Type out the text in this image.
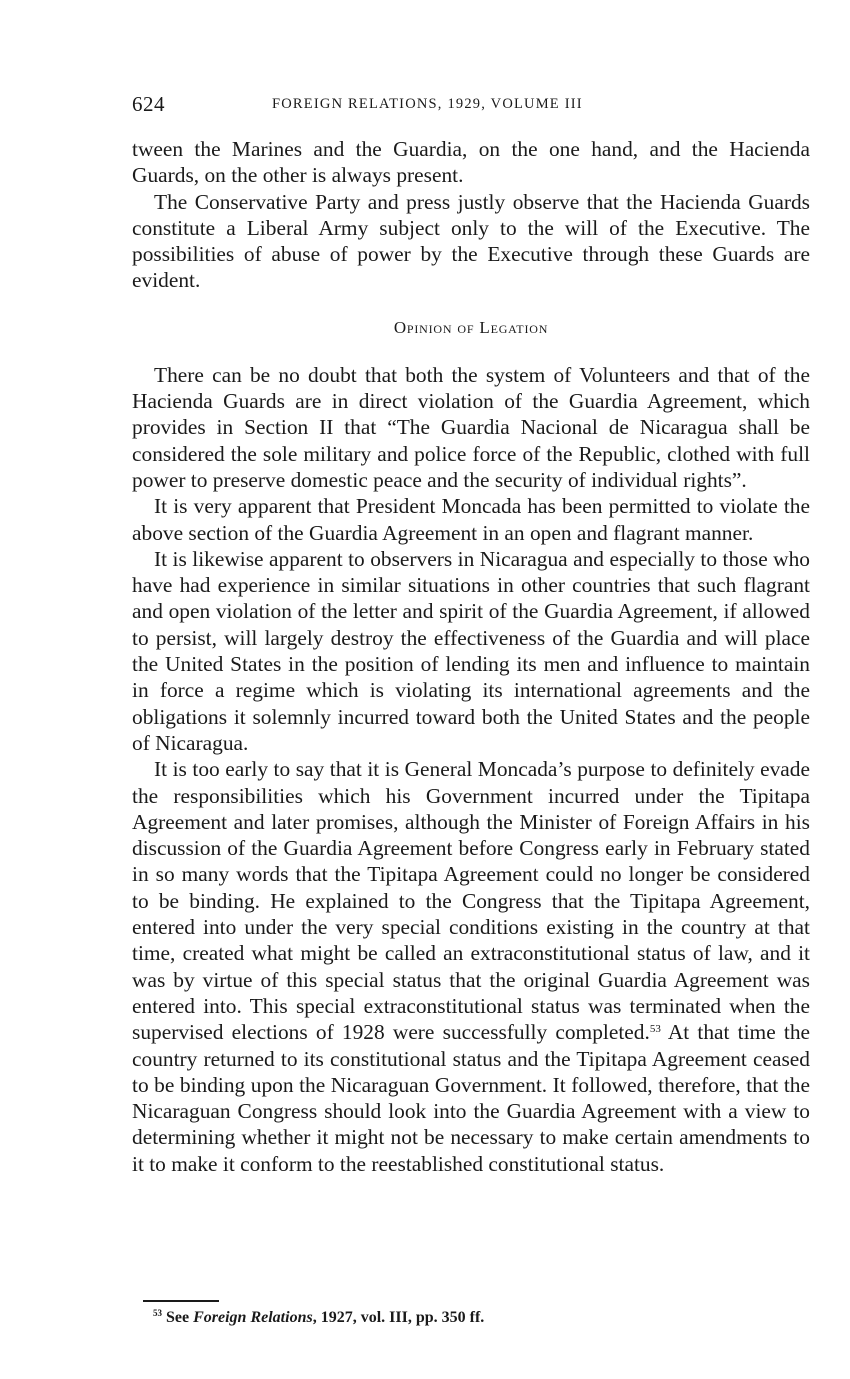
624	FOREIGN RELATIONS, 1929, VOLUME III

tween the Marines and the Guardia, on the one hand, and the Hacienda Guards, on the other is always present.

The Conservative Party and press justly observe that the Hacienda Guards constitute a Liberal Army subject only to the will of the Executive. The possibilities of abuse of power by the Executive through these Guards are evident.

Opinion of Legation

There can be no doubt that both the system of Volunteers and that of the Hacienda Guards are in direct violation of the Guardia Agreement, which provides in Section II that “The Guardia Nacional de Nicaragua shall be considered the sole military and police force of the Republic, clothed with full power to preserve domestic peace and the security of individual rights”.

It is very apparent that President Moncada has been permitted to violate the above section of the Guardia Agreement in an open and flagrant manner.

It is likewise apparent to observers in Nicaragua and especially to those who have had experience in similar situations in other countries that such flagrant and open violation of the letter and spirit of the Guardia Agreement, if allowed to persist, will largely destroy the effectiveness of the Guardia and will place the United States in the position of lending its men and influence to maintain in force a regime which is violating its international agreements and the obligations it solemnly incurred toward both the United States and the people of Nicaragua.

It is too early to say that it is General Moncada’s purpose to definitely evade the responsibilities which his Government incurred under the Tipitapa Agreement and later promises, although the Minister of Foreign Affairs in his discussion of the Guardia Agreement before Congress early in February stated in so many words that the Tipitapa Agreement could no longer be considered to be binding. He explained to the Congress that the Tipitapa Agreement, entered into under the very special conditions existing in the country at that time, created what might be called an extraconstitutional status of law, and it was by virtue of this special status that the original Guardia Agreement was entered into. This special extraconstitutional status was terminated when the supervised elections of 1928 were successfully completed.$^{53}$ At that time the country returned to its constitutional status and the Tipitapa Agreement ceased to be binding upon the Nicaraguan Government. It followed, therefore, that the Nicaraguan Congress should look into the Guardia Agreement with a view to determining whether it might not be necessary to make certain amendments to it to make it conform to the reestablished constitutional status.

$^{53}$ See Foreign Relations, 1927, vol. III, pp. 350 ff.
